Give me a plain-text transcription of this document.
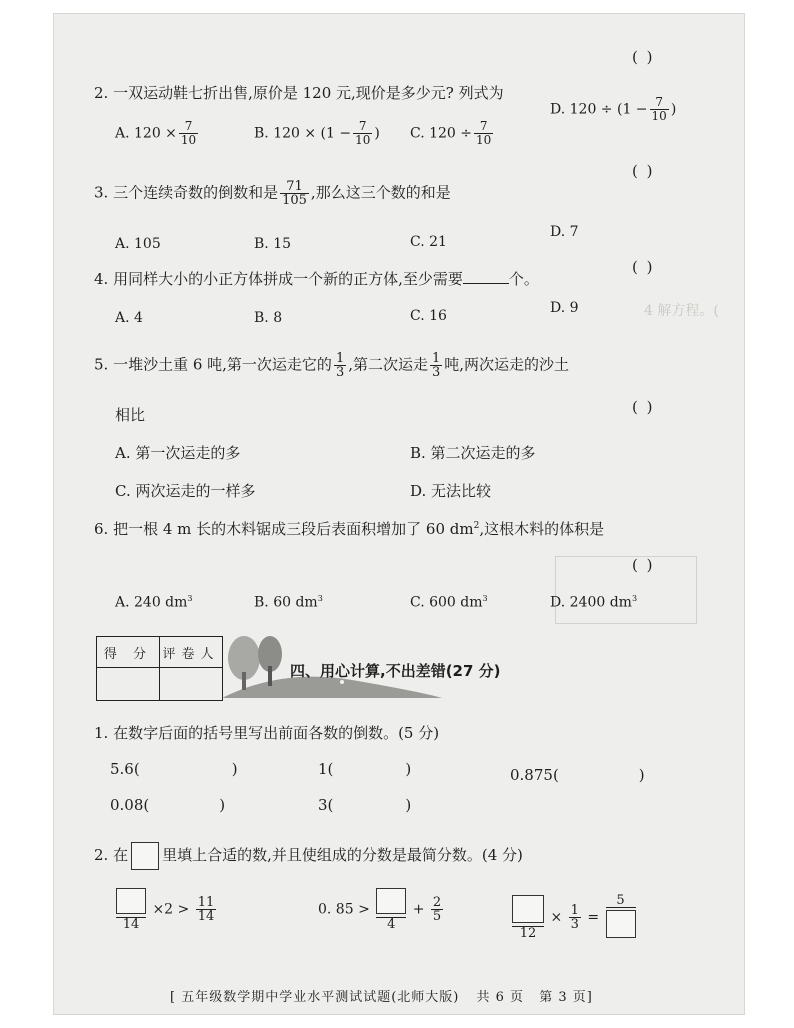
( )
2. 一双运动鞋七折出售,原价是 120 元,现价是多少元? 列式为
A. $120 \times \frac{7}{10}$	B. $120 \times (1 - \frac{7}{10}$ ) C. $120 \div \frac{7}{10}$
D. $120 \div (1 - \frac{7}{10}$ )
( )
3. 三个连续奇数的倒数和是 $\frac{71}{105}$ ,那么这三个数的和是
A. 105	B. 15	C. 21
D. 7
4. 用同样大小的小正方体拼成一个新的正方体,至少需要	个。
( )
A. 4	B. 8	C. 16	D. 9	4 解方程。(
5. 一堆沙土重 6 吨,第一次运走它的 $\frac{1}{3}$ ,第二次运走 $\frac{1}{3}$ 吨,两次运走的沙土
相比	( )
A. 第一次运走的多	B. 第二次运走的多
C. 两次运走的一样多	D. 无法比较
6. 把一根 4 m 长的木料锯成三段后表面积增加了 60 $dm^2$,这根木料的体积是
( )
A. 240 $dm^3$	B. 60 $dm^3$	C. 600 $dm^3$	D. 2400 $dm^3$
得 分	评卷人

四、用心计算,不出差错(27 分)
1. 在数字后面的括号里写出前面各数的倒数。(5 分)
5.6(	)	1(	)	0.875(	)
0.08(	)	3(	)
2. 在 里填上合适的数,并且使组成的分数是最简分数。(4 分)
14
$\times 2 > \frac{11}{14}$	0. 85 >
4
+ $\frac{2}{5}$
12
× $\frac{1}{3}$ =
5
[ 五年级数学期中学业水平测试试题(北师大版) 共 6 页 第 3 页]
